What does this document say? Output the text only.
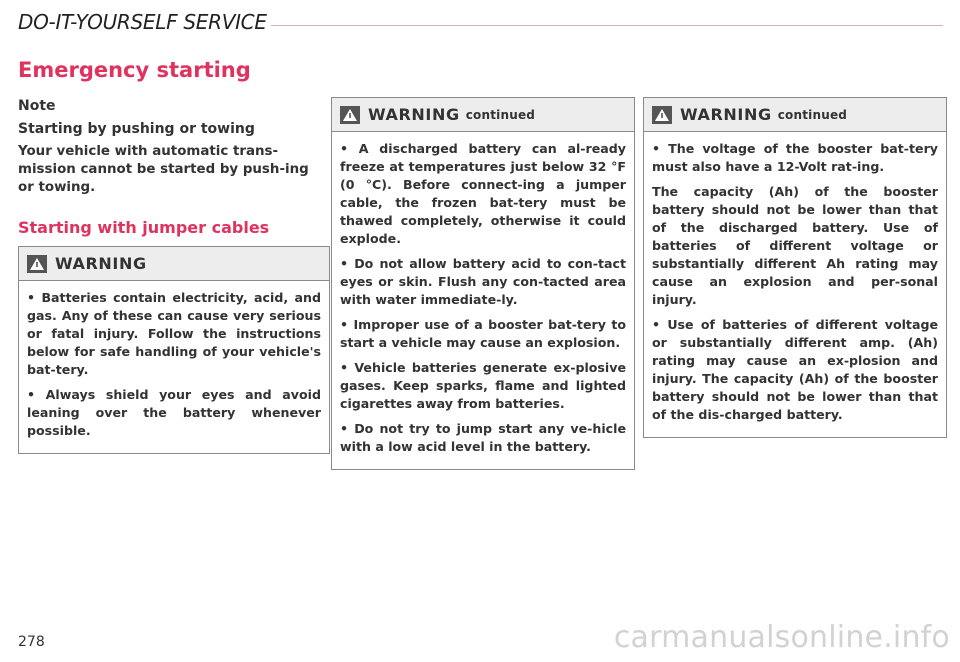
DO-IT-YOURSELF SERVICE
Emergency starting
Note
Starting by pushing or towing

Your vehicle with automatic trans-mission cannot be started by push-ing or towing.

Starting with jumper cables
WARNING

• Batteries contain electricity, acid, and gas. Any of these can cause very serious or fatal injury. Follow the instructions below for safe handling of your vehicle's bat-tery.

• Always shield your eyes and avoid leaning over the battery whenever possible.

WARNING continued

• A discharged battery can al-ready freeze at temperatures just below 32 °F (0 °C). Before connect-ing a jumper cable, the frozen bat-tery must be thawed completely, otherwise it could explode.

• Do not allow battery acid to con-tact eyes or skin. Flush any con-tacted area with water immediate-ly.

• Improper use of a booster bat-tery to start a vehicle may cause an explosion.

• Vehicle batteries generate ex-plosive gases. Keep sparks, flame and lighted cigarettes away from batteries.

• Do not try to jump start any ve-hicle with a low acid level in the battery.

WARNING continued

• The voltage of the booster bat-tery must also have a 12-Volt rat-ing.

The capacity (Ah) of the booster battery should not be lower than that of the discharged battery. Use of batteries of different voltage or substantially different Ah rating may cause an explosion and per-sonal injury.

• Use of batteries of different voltage or substantially different amp. (Ah) rating may cause an ex-plosion and injury. The capacity (Ah) of the booster battery should not be lower than that of the dis-charged battery.

278	carmanualsonline.info
